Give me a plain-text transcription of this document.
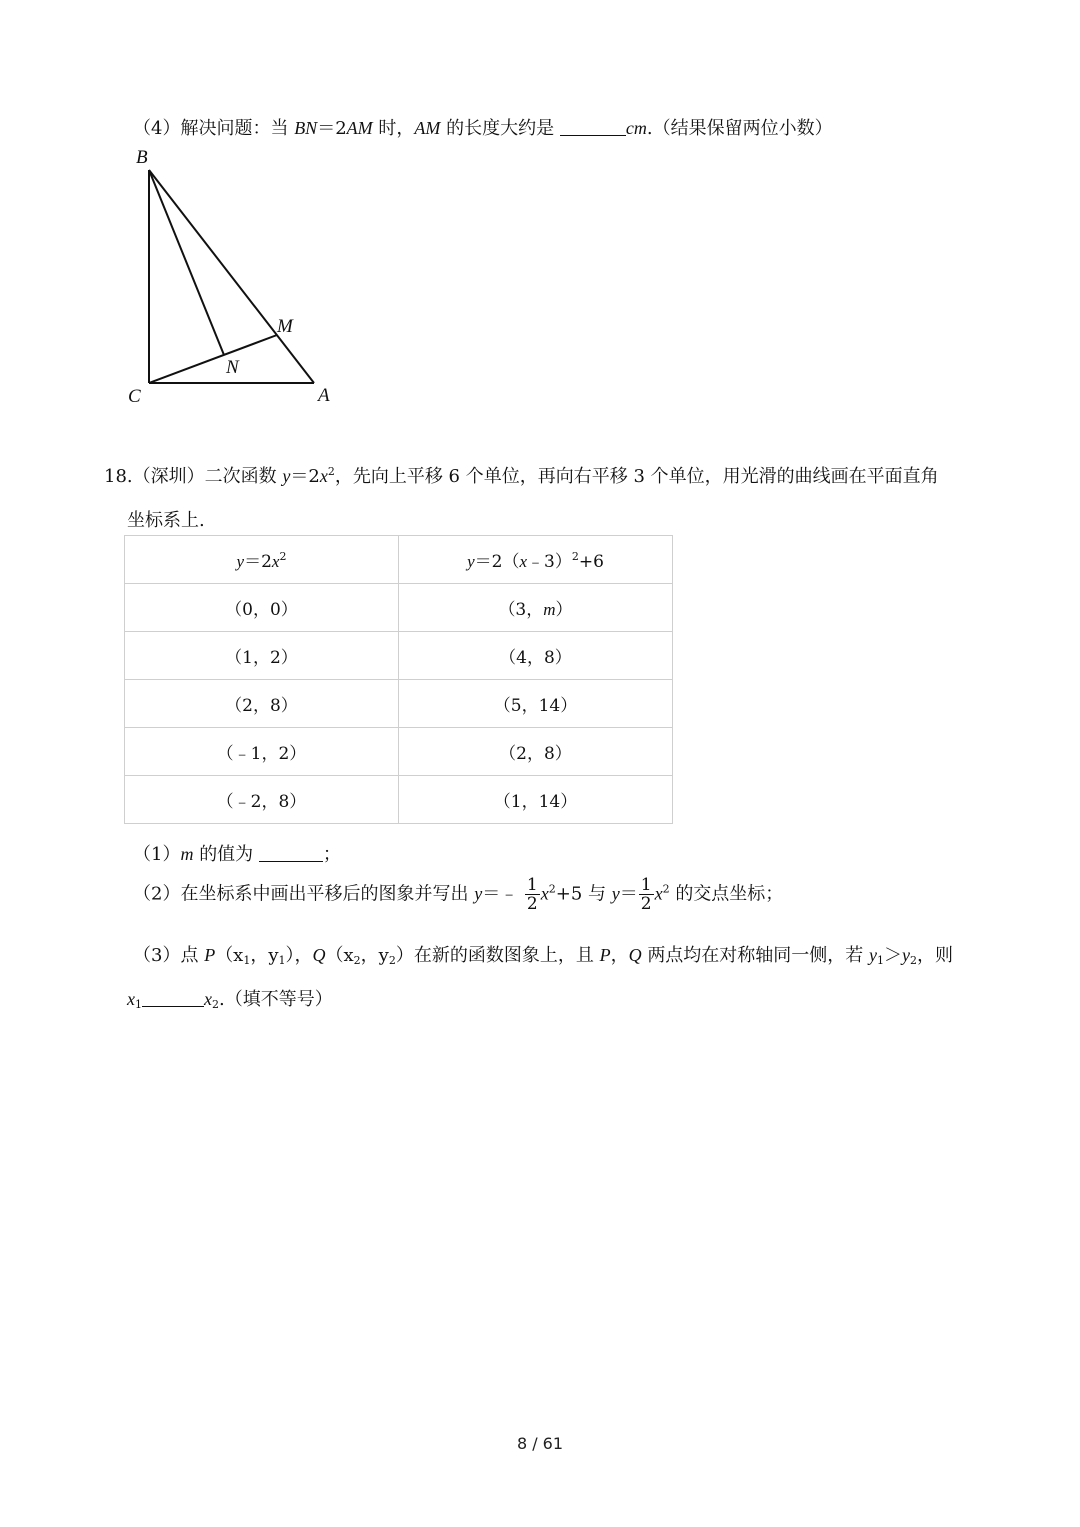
（4）解决问题：当 BN＝2AM 时，AM 的长度大约是	cm.（结果保留两位小数）
B
M
N
C	A
18.（深圳）二次函数 $y=2x^2$，先向上平移 6 个单位，再向右平移 3 个单位，用光滑的曲线画在平面直角
坐标系上.
$y=2x^2$	y＝2（x﹣3）$^2$+6
（0，0）	（3，m）
（1，2）	（4，8）
（2，8）	（5，14）
（﹣1，2）	（2，8）
（﹣2，8）	（1，14）
（1）m 的值为	；
（2）在坐标系中画出平移后的图象并写出 y＝﹣ $\frac{1}{2} x^2+5$ 与 $y= \frac{1}{2} x^2$ 的交点坐标；
（3）点 $P(x_1$，$y_1$），$Q(x_2$，$y_2$）在新的函数图象上，且 P，Q 两点均在对称轴同一侧，若 $y_1>y_2$，则
$x_1$	$x_2$.（填不等号）
8 / 61
